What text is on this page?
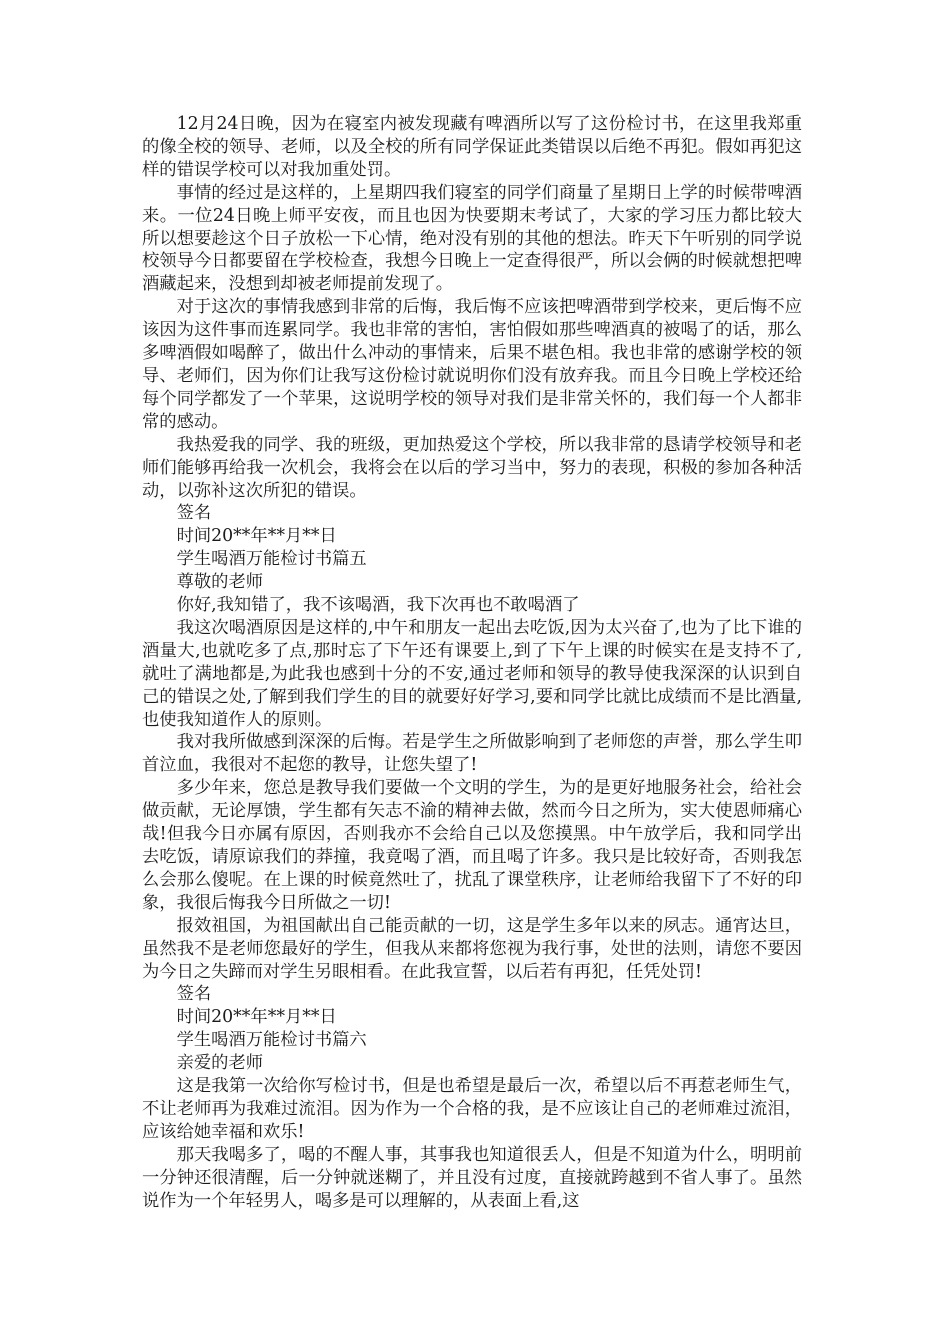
12月24日晚，因为在寝室内被发现藏有啤酒所以写了这份检讨书，在这里我郑重的像全校的领导、老师，以及全校的所有同学保证此类错误以后绝不再犯。假如再犯这样的错误学校可以对我加重处罚。

事情的经过是这样的，上星期四我们寝室的同学们商量了星期日上学的时候带啤酒来。一位24日晚上师平安夜，而且也因为快要期末考试了，大家的学习压力都比较大所以想要趁这个日子放松一下心情，绝对没有别的其他的想法。昨天下午听别的同学说校领导今日都要留在学校检查，我想今日晚上一定查得很严，所以会俩的时候就想把啤酒藏起来，没想到却被老师提前发现了。

对于这次的事情我感到非常的后悔，我后悔不应该把啤酒带到学校来，更后悔不应该因为这件事而连累同学。我也非常的害怕，害怕假如那些啤酒真的被喝了的话，那么多啤酒假如喝醉了，做出什么冲动的事情来，后果不堪色相。我也非常的感谢学校的领导、老师们，因为你们让我写这份检讨就说明你们没有放弃我。而且今日晚上学校还给每个同学都发了一个苹果，这说明学校的领导对我们是非常关怀的，我们每一个人都非常的感动。

我热爱我的同学、我的班级，更加热爱这个学校，所以我非常的恳请学校领导和老师们能够再给我一次机会，我将会在以后的学习当中，努力的表现，积极的参加各种活动，以弥补这次所犯的错误。

签名

时间20**年**月**日

学生喝酒万能检讨书篇五

尊敬的老师

你好,我知错了，我不该喝酒，我下次再也不敢喝酒了

我这次喝酒原因是这样的,中午和朋友一起出去吃饭,因为太兴奋了,也为了比下谁的酒量大,也就吃多了点,那时忘了下午还有课要上,到了下午上课的时候实在是支持不了,就吐了满地都是,为此我也感到十分的不安,通过老师和领导的教导使我深深的认识到自己的错误之处,了解到我们学生的目的就要好好学习,要和同学比就比成绩而不是比酒量,也使我知道作人的原则。

我对我所做感到深深的后悔。若是学生之所做影响到了老师您的声誉，那么学生叩首泣血，我很对不起您的教导，让您失望了!

多少年来，您总是教导我们要做一个文明的学生，为的是更好地服务社会，给社会做贡献，无论厚馈，学生都有矢志不渝的精神去做，然而今日之所为，实大使恩师痛心哉!但我今日亦属有原因，否则我亦不会给自己以及您摸黑。中午放学后，我和同学出去吃饭，请原谅我们的莽撞，我竟喝了酒，而且喝了许多。我只是比较好奇，否则我怎么会那么傻呢。在上课的时候竟然吐了，扰乱了课堂秩序，让老师给我留下了不好的印象，我很后悔我今日所做之一切!

报效祖国，为祖国献出自己能贡献的一切，这是学生多年以来的夙志。通宵达旦，虽然我不是老师您最好的学生，但我从来都将您视为我行事，处世的法则，请您不要因为今日之失蹄而对学生另眼相看。在此我宣誓，以后若有再犯，任凭处罚!

签名

时间20**年**月**日

学生喝酒万能检讨书篇六

亲爱的老师

这是我第一次给你写检讨书，但是也希望是最后一次，希望以后不再惹老师生气，不让老师再为我难过流泪。因为作为一个合格的我，是不应该让自己的老师难过流泪，应该给她幸福和欢乐!

那天我喝多了，喝的不醒人事，其事我也知道很丢人，但是不知道为什么，明明前一分钟还很清醒，后一分钟就迷糊了，并且没有过度，直接就跨越到不省人事了。虽然说作为一个年轻男人，喝多是可以理解的，从表面上看,这
